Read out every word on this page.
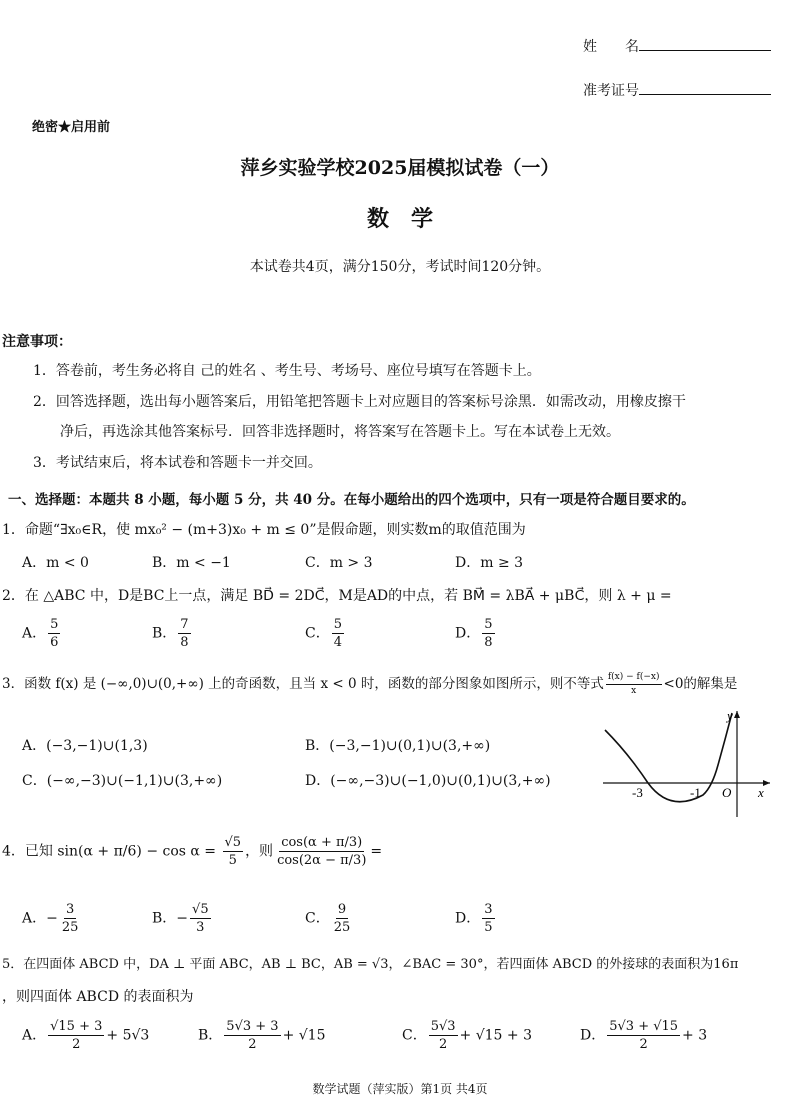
姓　　名
准考证号
绝密★启用前
萍乡实验学校2025届模拟试卷（一）
数　学
本试卷共4页，满分150分，考试时间120分钟。
注意事项：
1．答卷前，考生务必将自 己的姓名 、考生号、考场号、座位号填写在答题卡上。
2．回答选择题，选出每小题答案后，用铅笔把答题卡上对应题目的答案标号涂黑．如需改动，用橡皮擦干
净后，再选涂其他答案标号．回答非选择题时，将答案写在答题卡上。写在本试卷上无效。
3．考试结束后，将本试卷和答题卡一并交回。
一、选择题：本题共 8 小题，每小题 5 分，共 40 分。在每小题给出的四个选项中，只有一项是符合题目要求的。
1．命题“∃x₀∈R，使 mx₀² − (m+3)x₀ + m ≤ 0”是假命题，则实数m的取值范围为
A．m < 0	B．m < −1	C．m > 3	D．m ≥ 3
2．在 △ABC 中，D是BC上一点，满足 BD⃗ = 2DC⃗，M是AD的中点，若 BM⃗ = λBA⃗ + μBC⃗，则 λ + μ =
A． $\frac{5}{6}$	B． $\frac{7}{8}$	C． $\frac{5}{4}$	D． $\frac{5}{8}$
3．函数 f(x) 是 (−∞,0)∪(0,+∞) 上的奇函数，且当 x < 0 时，函数的部分图象如图所示，则不等式 $\frac{f(x) - f(-x)}{x} <0$的解集是
A．(−3,−1)∪(1,3)	B．(−3,−1)∪(0,1)∪(3,+∞)
C．(−∞,−3)∪(−1,1)∪(3,+∞)	D．(−∞,−3)∪(−1,0)∪(0,1)∪(3,+∞)
y
x
O
-3	-1
4．已知 $\sin(\alpha + \pi/6) - \cos \alpha = \frac{√5}{5}$ ，则 $\frac{\cos(\alpha + \pi/3)}{\cos(2\alpha - \pi/3)}$ =
A．− $\frac{3}{25}$	B．− $\frac{√5}{3}$	C． $\frac{9}{25}$	D． $\frac{3}{5}$
5．在四面体 ABCD 中，DA ⊥ 平面 ABC，AB ⊥ BC，AB = √3，∠BAC = 30°，若四面体 ABCD 的外接球的表面积为16π
，则四面体 ABCD 的表面积为
A． $\frac{√15 + 3}{2} + 5√3$	B． $\frac{5√3 + 3}{2} + √15$	C． $\frac{5√3}{2} + √15 + 3$	D． $\frac{5√3 + √15}{2} + 3$
数学试题（萍实版）第1页 共4页
